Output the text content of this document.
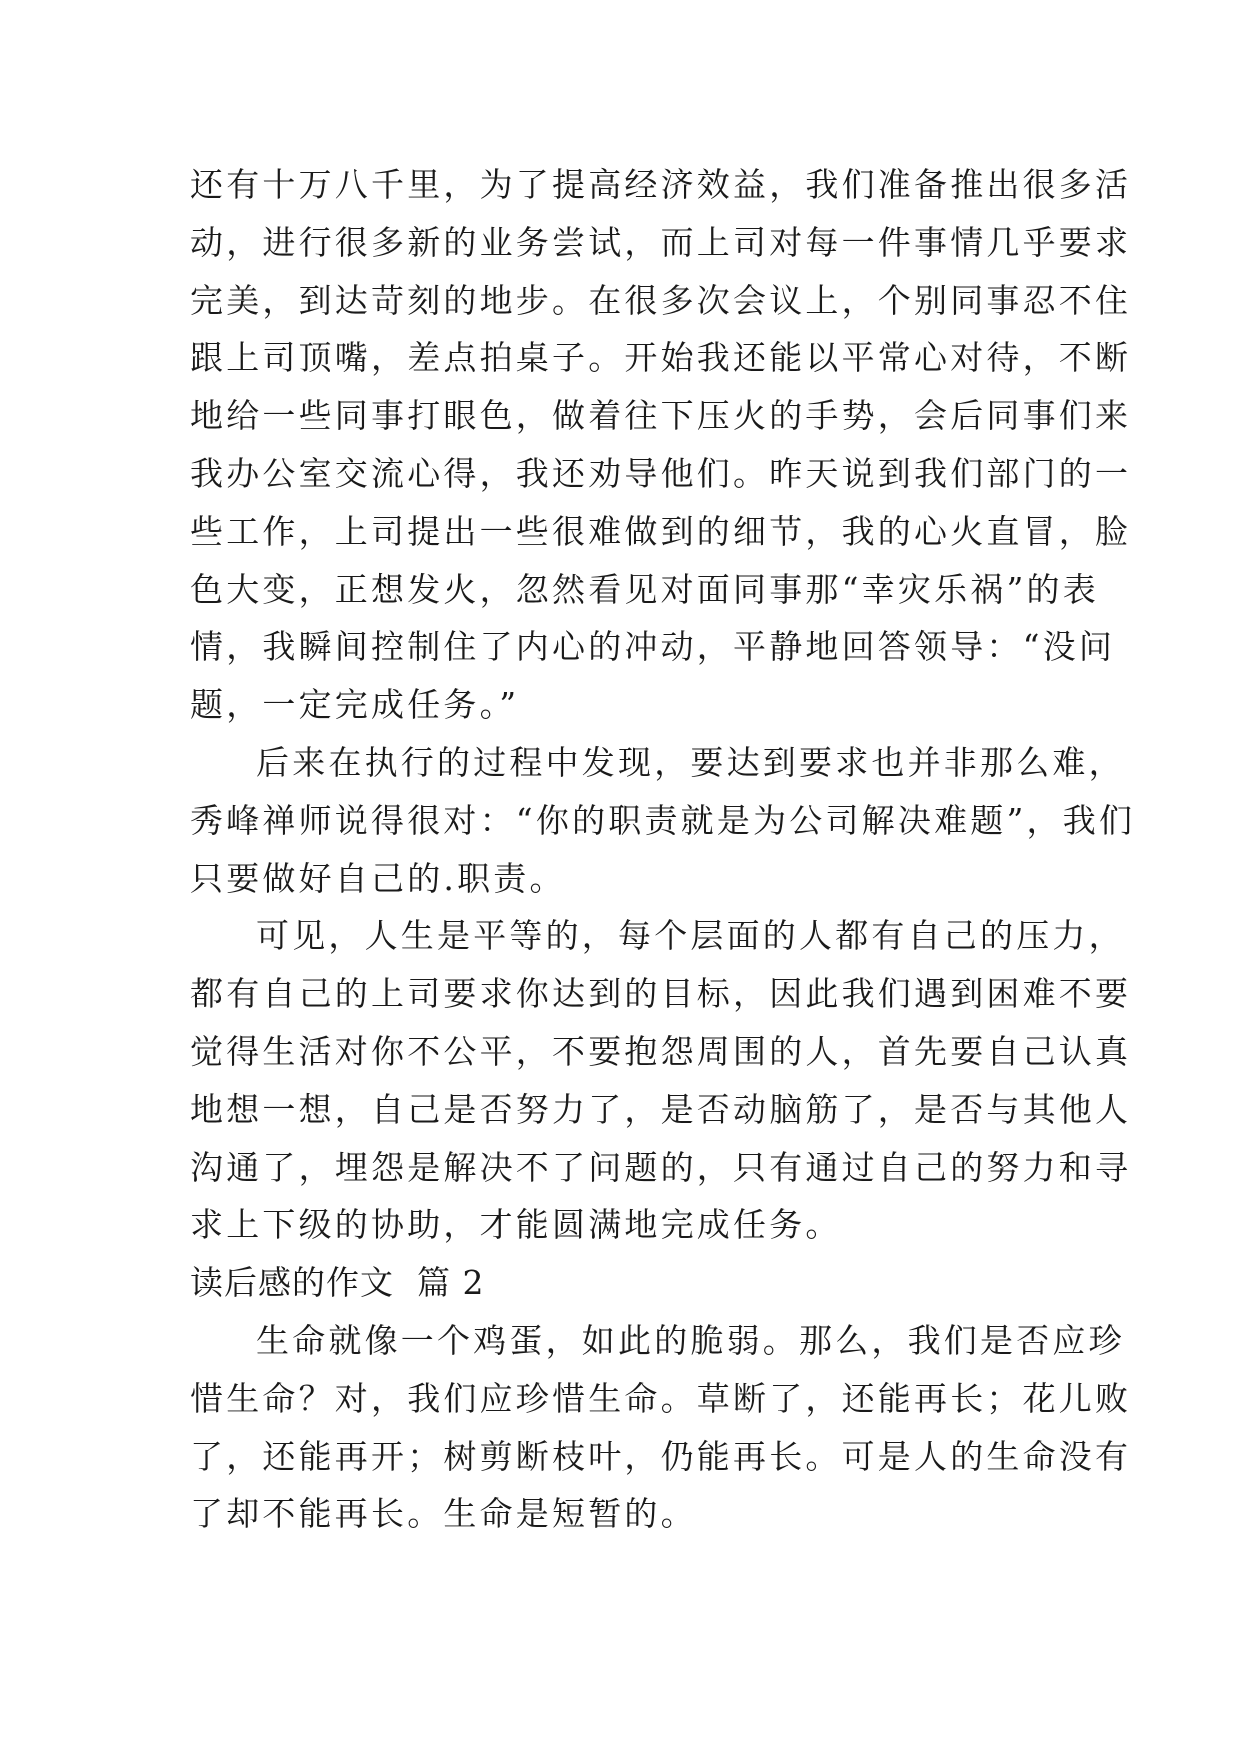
还有十万八千里，为了提高经济效益，我们准备推出很多活
动，进行很多新的业务尝试，而上司对每一件事情几乎要求
完美，到达苛刻的地步。在很多次会议上，个别同事忍不住
跟上司顶嘴，差点拍桌子。开始我还能以平常心对待，不断
地给一些同事打眼色，做着往下压火的手势，会后同事们来
我办公室交流心得，我还劝导他们。昨天说到我们部门的一
些工作，上司提出一些很难做到的细节，我的心火直冒，脸
色大变，正想发火，忽然看见对面同事那“幸灾乐祸”的表
情，我瞬间控制住了内心的冲动，平静地回答领导：“没问
题，一定完成任务。”
后来在执行的过程中发现，要达到要求也并非那么难，
秀峰禅师说得很对：“你的职责就是为公司解决难题”，我们
只要做好自己的.职责。
可见，人生是平等的，每个层面的人都有自己的压力，
都有自己的上司要求你达到的目标，因此我们遇到困难不要
觉得生活对你不公平，不要抱怨周围的人，首先要自己认真
地想一想，自己是否努力了，是否动脑筋了，是否与其他人
沟通了，埋怨是解决不了问题的，只有通过自己的努力和寻
求上下级的协助，才能圆满地完成任务。
读后感的作文  篇 2
生命就像一个鸡蛋，如此的脆弱。那么，我们是否应珍
惜生命？对，我们应珍惜生命。草断了，还能再长；花儿败
了，还能再开；树剪断枝叶，仍能再长。可是人的生命没有
了却不能再长。生命是短暂的。
